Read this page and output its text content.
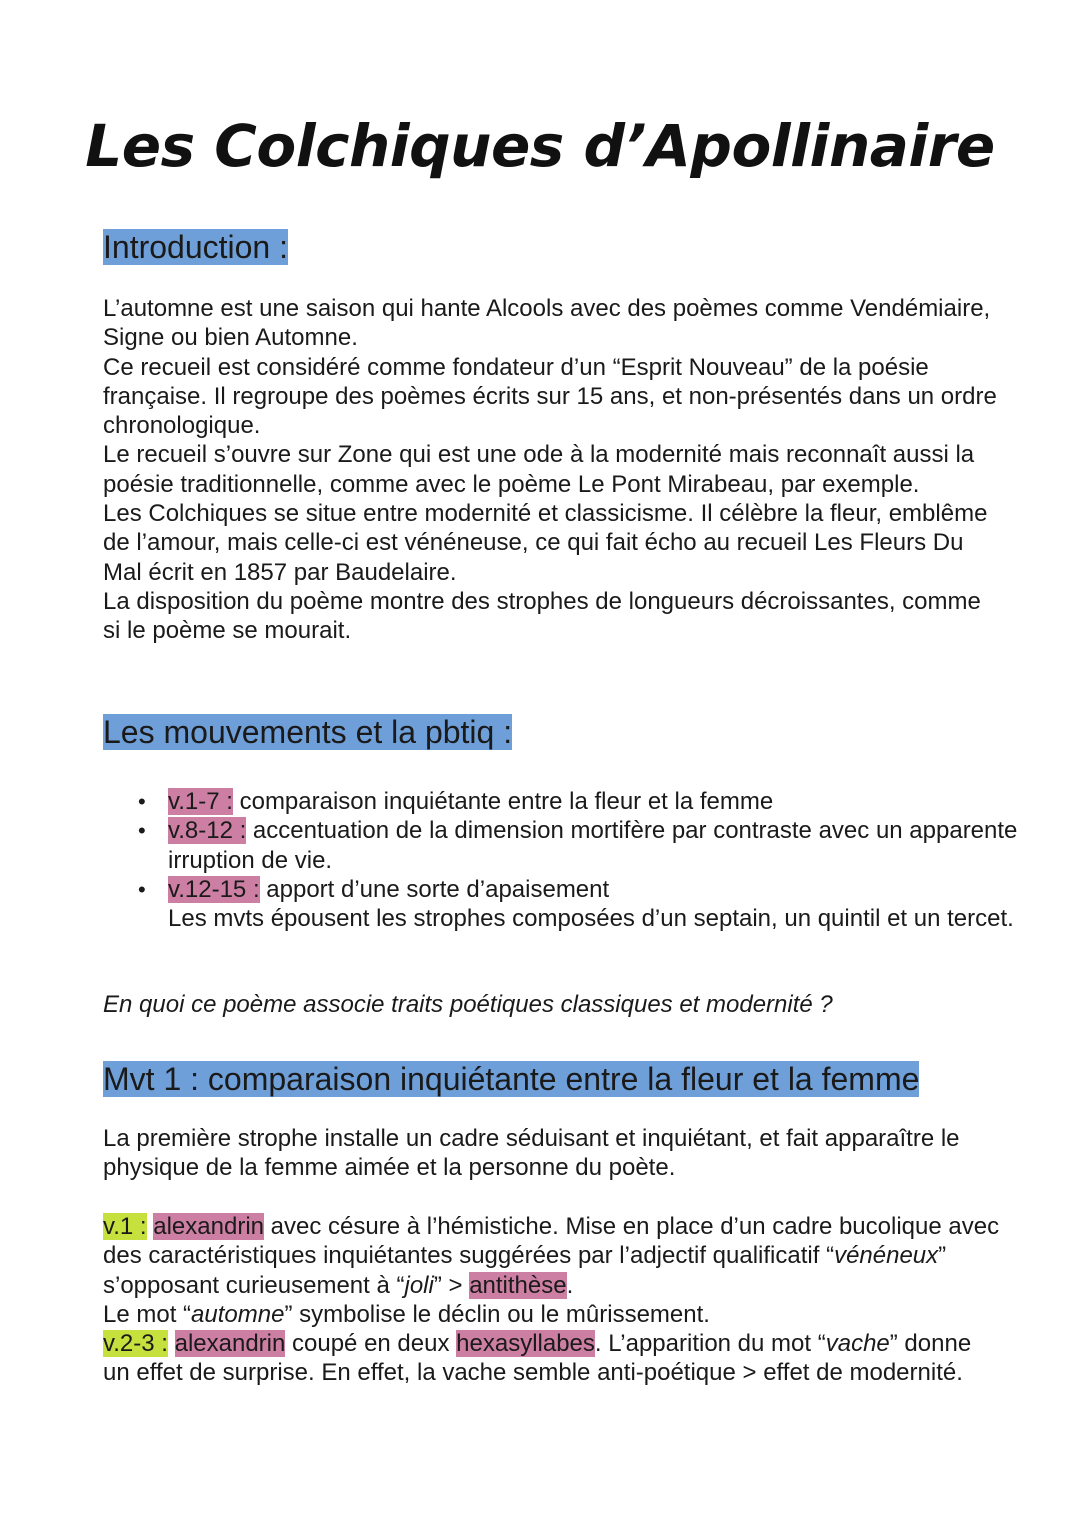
Les Colchiques d’Apollinaire
Introduction :

L’automne est une saison qui hante Alcools avec des poèmes comme Vendémiaire, Signe ou bien Automne.

Ce recueil est considéré comme fondateur d’un “Esprit Nouveau” de la poésie française. Il regroupe des poèmes écrits sur 15 ans, et non-présentés dans un ordre chronologique.

Le recueil s’ouvre sur Zone qui est une ode à la modernité mais reconnaît aussi la poésie traditionnelle, comme avec le poème Le Pont Mirabeau, par exemple.

Les Colchiques se situe entre modernité et classicisme. Il célèbre la fleur, emblême de l’amour, mais celle-ci est vénéneuse, ce qui fait écho au recueil Les Fleurs Du Mal écrit en 1857 par Baudelaire.

La disposition du poème montre des strophes de longueurs décroissantes, comme si le poème se mourait.

Les mouvements et la pbtiq :
• v.1-7 : comparaison inquiétante entre la fleur et la femme
• v.8-12 : accentuation de la dimension mortifère par contraste avec un apparente irruption de vie.
• v.12-15 : apport d’une sorte d’apaisement
Les mvts épousent les strophes composées d’un septain, un quintil et un tercet.

En quoi ce poème associe traits poétiques classiques et modernité ?

Mvt 1 : comparaison inquiétante entre la fleur et la femme

La première strophe installe un cadre séduisant et inquiétant, et fait apparaître le physique de la femme aimée et la personne du poète.

v.1 : alexandrin avec césure à l’hémistiche. Mise en place d’un cadre bucolique avec des caractéristiques inquiétantes suggérées par l’adjectif qualificatif “vénéneux” s’opposant curieusement à “joli” > antithèse.

Le mot “automne” symbolise le déclin ou le mûrissement.

v.2-3 : alexandrin coupé en deux hexasyllabes. L’apparition du mot “vache” donne un effet de surprise. En effet, la vache semble anti-poétique > effet de modernité.
